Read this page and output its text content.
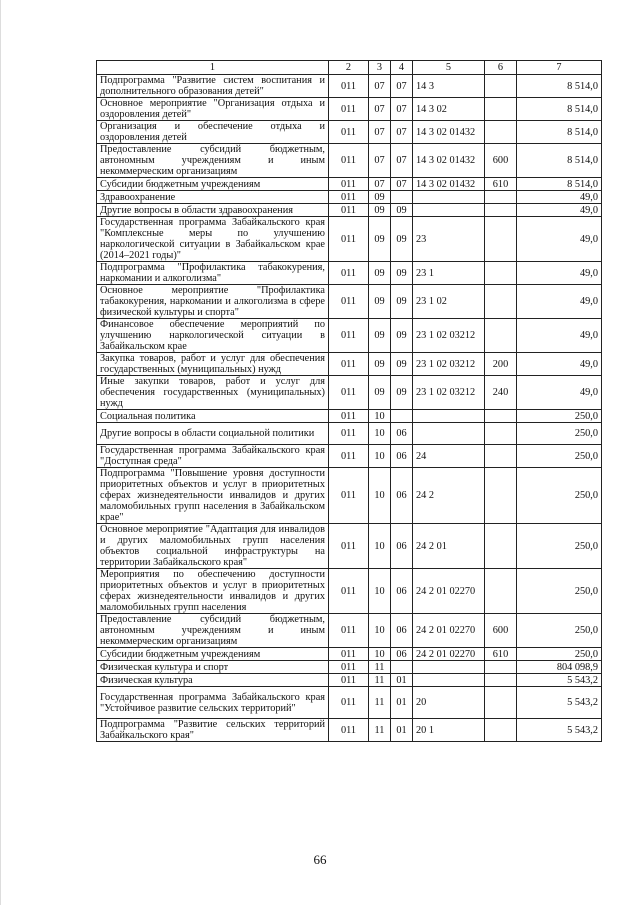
1	2	3	4	5	6	7
Подпрограмма "Развитие систем воспитания и дополнительного образования детей"	011	07	07	14 3		8 514,0
Основное мероприятие "Организация отдыха и оздоровления детей"	011	07	07	14 3 02		8 514,0
Организация и обеспечение отдыха и оздоровления детей	011	07	07	14 3 02 01432		8 514,0
Предоставление субсидий бюджетным, автономным учреждениям и иным некоммерческим организациям	011	07	07	14 3 02 01432	600	8 514,0
Субсидии бюджетным учреждениям	011	07	07	14 3 02 01432	610	8 514,0
Здравоохранение	011	09				49,0
Другие вопросы в области здравоохранения	011	09	09			49,0
Государственная программа Забайкальского края "Комплексные меры по улучшению наркологической ситуации в Забайкальском крае (2014–2021 годы)"	011	09	09	23		49,0
Подпрограмма "Профилактика табакокурения, наркомании и алкоголизма"	011	09	09	23 1		49,0
Основное мероприятие "Профилактика табакокурения, наркомании и алкоголизма в сфере физической культуры и спорта"	011	09	09	23 1 02		49,0
Финансовое обеспечение мероприятий по улучшению наркологической ситуации в Забайкальском крае	011	09	09	23 1 02 03212		49,0
Закупка товаров, работ и услуг для обеспечения государственных (муниципальных) нужд	011	09	09	23 1 02 03212	200	49,0
Иные закупки товаров, работ и услуг для обеспечения государственных (муниципальных) нужд	011	09	09	23 1 02 03212	240	49,0
Социальная политика	011	10				250,0
Другие вопросы в области социальной политики	011	10	06			250,0
Государственная программа Забайкальского края "Доступная среда"	011	10	06	24		250,0
Подпрограмма "Повышение уровня доступности приоритетных объектов и услуг в приоритетных сферах жизнедеятельности инвалидов и других маломобильных групп населения в Забайкальском крае"	011	10	06	24 2		250,0
Основное мероприятие "Адаптация для инвалидов и других маломобильных групп населения объектов социальной инфраструктуры на территории Забайкальского края"	011	10	06	24 2 01		250,0
Мероприятия по обеспечению доступности приоритетных объектов и услуг в приоритетных сферах жизнедеятельности инвалидов и других маломобильных групп населения	011	10	06	24 2 01 02270		250,0
Предоставление субсидий бюджетным, автономным учреждениям и иным некоммерческим организациям	011	10	06	24 2 01 02270	600	250,0
Субсидии бюджетным учреждениям	011	10	06	24 2 01 02270	610	250,0
Физическая культура и спорт	011	11				804 098,9
Физическая культура	011	11	01			5 543,2
Государственная программа Забайкальского края "Устойчивое развитие сельских территорий"	011	11	01	20		5 543,2
Подпрограмма "Развитие сельских территорий Забайкальского края"	011	11	01	20 1		5 543,2
66
